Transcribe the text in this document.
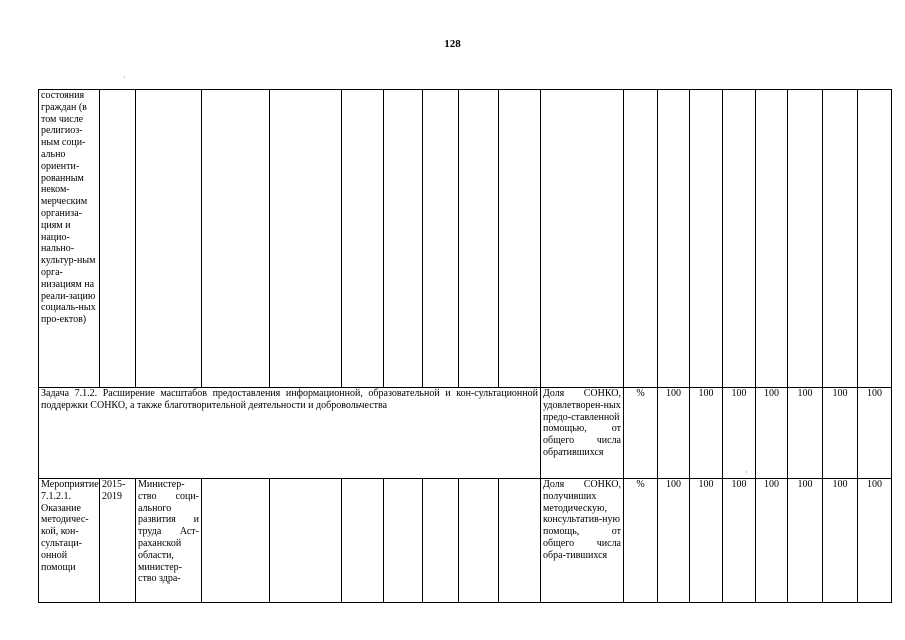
128
·
·
состояния граждан (в том числе религиоз-ным соци-ально ориенти-рованным неком-мерческим организа-циям и нацио-нально-культур-ным орга-низациям на реали-зацию социаль-ных про-ектов)																		
Задача 7.1.2. Расширение масштабов предоставления информационной, образовательной и кон-сультационной поддержки СОНКО, а также благотворительной деятельности и добровольчества										Доля СОНКО, удовлетворен-ных предо-ставленной помощью, от общего числа обратившихся	%	100	100	100	100	100	100	100
Мероприятие 7.1.2.1. Оказание методичес-кой, кон-сультаци-онной помощи	2015-2019	Министер-ство соци-ального развития и труда Аст-раханской области, министер-ство здра-								Доля СОНКО, получивших методическую, консультатив-ную помощь, от общего числа обра-тившихся	%	100	100	100	100	100	100	100
